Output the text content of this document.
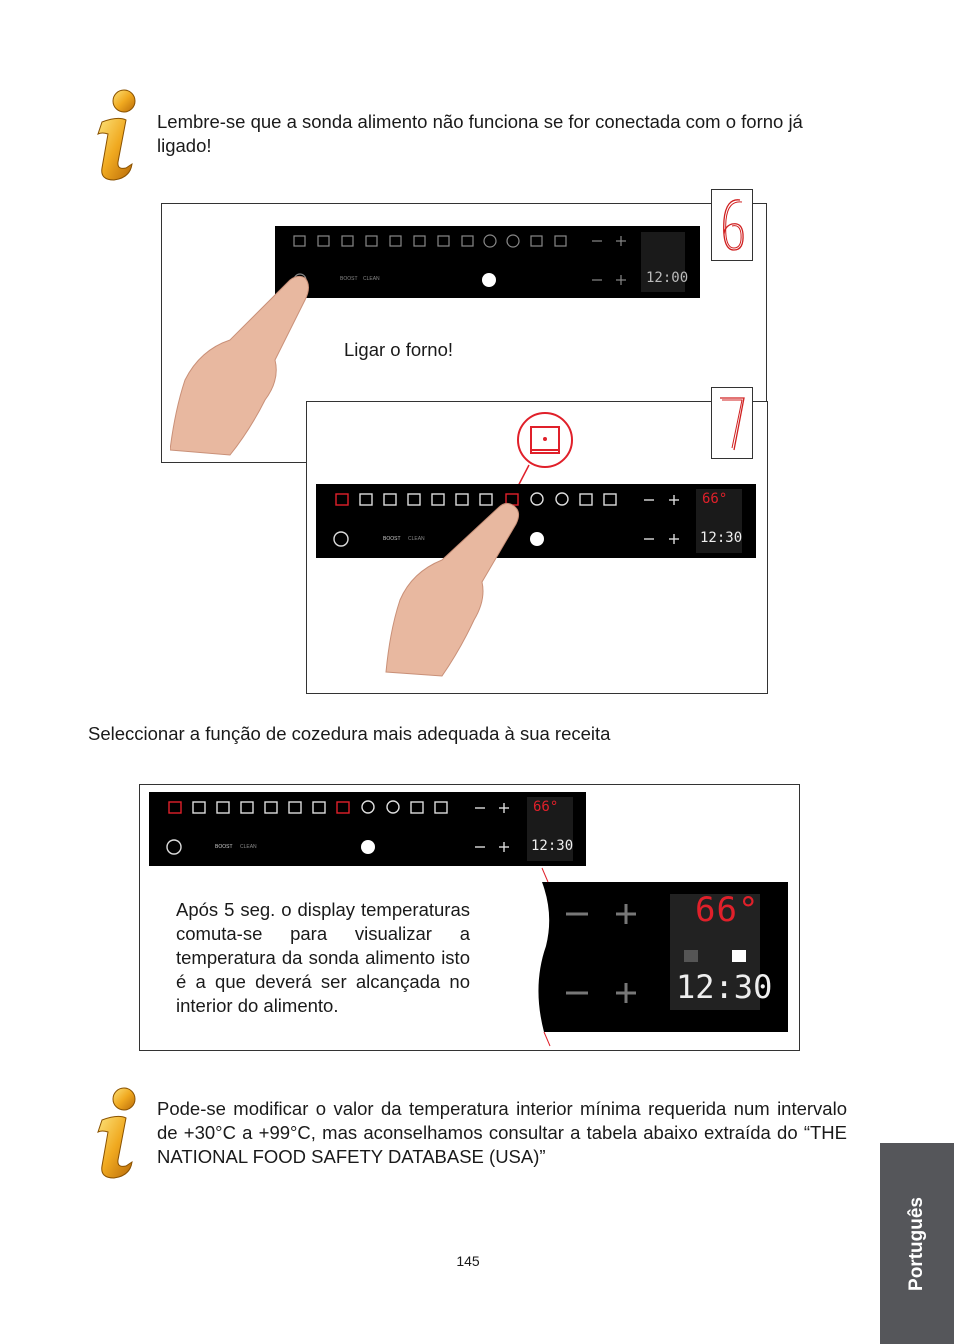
Lembre-se que a sonda alimento não funciona se for conectada com o forno já ligado!

BOOST CLEAN	12:00
Ligar o forno!
BOOST CLEAN
66°
12:30
Seleccionar a função de cozedura mais adequada à sua receita
BOOST CLEAN
66°
12:30
66°
12:30

Após 5 seg. o display temperaturas comuta-se para visualizar a temperatura da sonda alimento isto é a que deverá ser alcançada no interior do alimento.

Pode-se modificar o valor da temperatura interior mínima requerida num intervalo de +30°C a +99°C, mas aconselhamos consultar a tabela abaixo extraída do “THE NATIONAL FOOD SAFETY DATABASE (USA)”

Português
145
